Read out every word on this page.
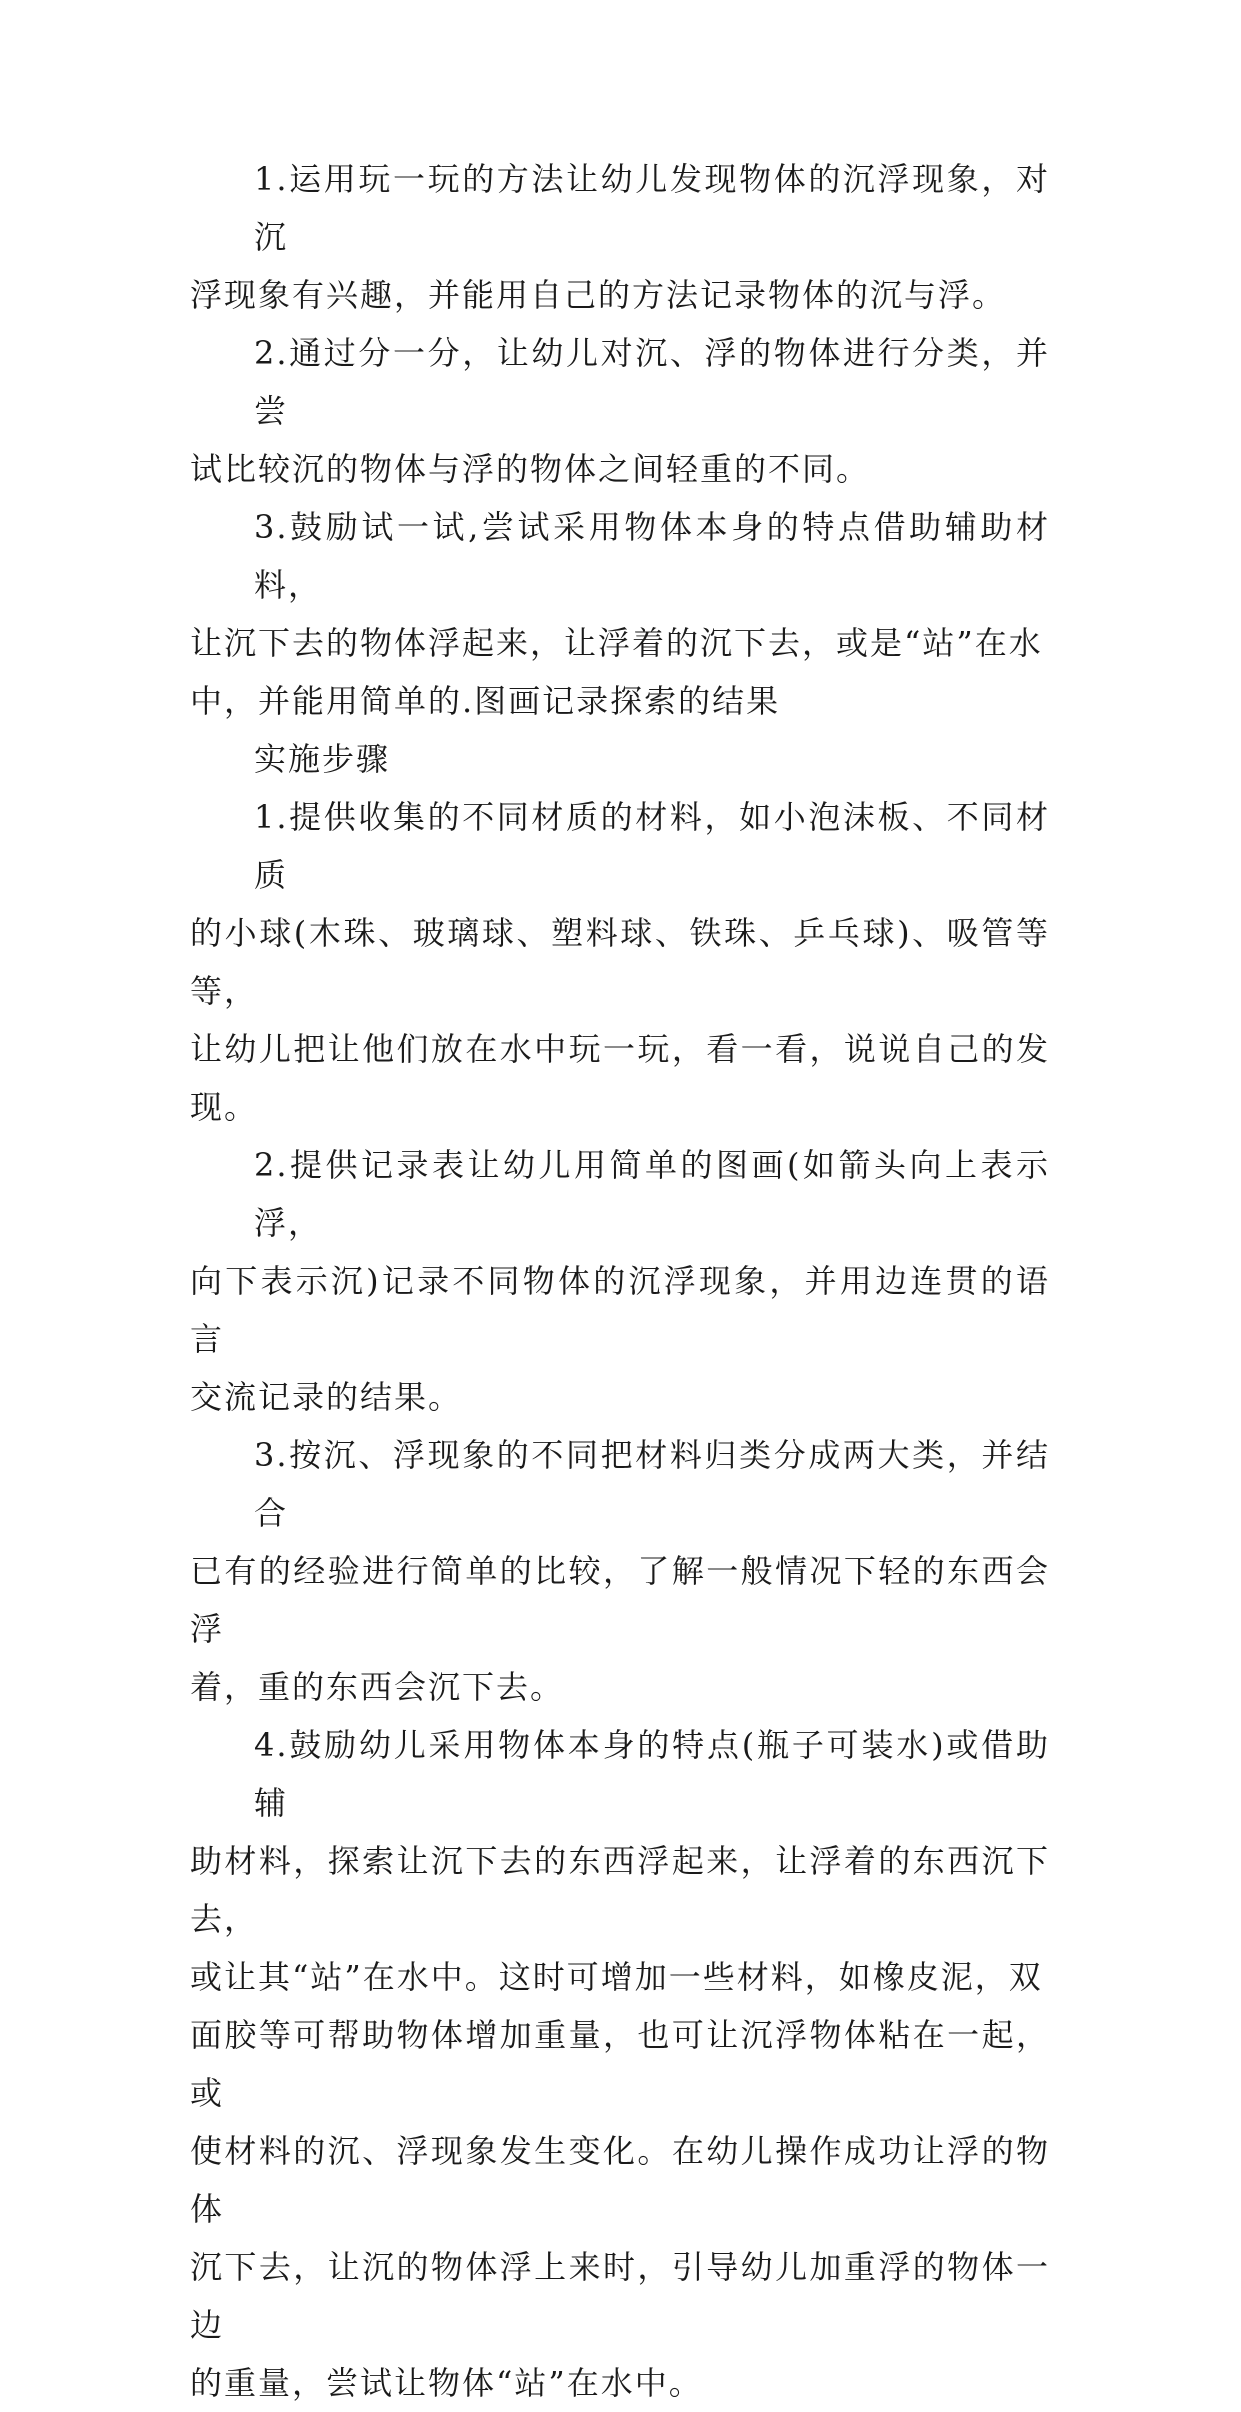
1.运用玩一玩的方法让幼儿发现物体的沉浮现象，对沉
浮现象有兴趣，并能用自己的方法记录物体的沉与浮。

2.通过分一分，让幼儿对沉、浮的物体进行分类，并尝
试比较沉的物体与浮的物体之间轻重的不同。

3.鼓励试一试,尝试采用物体本身的特点借助辅助材料，
让沉下去的物体浮起来，让浮着的沉下去，或是“站”在水
中，并能用简单的.图画记录探索的结果

实施步骤

1.提供收集的不同材质的材料，如小泡沫板、不同材质
的小球(木珠、玻璃球、塑料球、铁珠、乒乓球)、吸管等等，
让幼儿把让他们放在水中玩一玩，看一看，说说自己的发现。

2.提供记录表让幼儿用简单的图画(如箭头向上表示浮，
向下表示沉)记录不同物体的沉浮现象，并用边连贯的语言
交流记录的结果。

3.按沉、浮现象的不同把材料归类分成两大类，并结合
已有的经验进行简单的比较，了解一般情况下轻的东西会浮
着，重的东西会沉下去。

4.鼓励幼儿采用物体本身的特点(瓶子可装水)或借助辅
助材料，探索让沉下去的东西浮起来，让浮着的东西沉下去，
或让其“站”在水中。这时可增加一些材料，如橡皮泥，双
面胶等可帮助物体增加重量，也可让沉浮物体粘在一起，或
使材料的沉、浮现象发生变化。在幼儿操作成功让浮的物体
沉下去，让沉的物体浮上来时，引导幼儿加重浮的物体一边
的重量，尝试让物体“站”在水中。
